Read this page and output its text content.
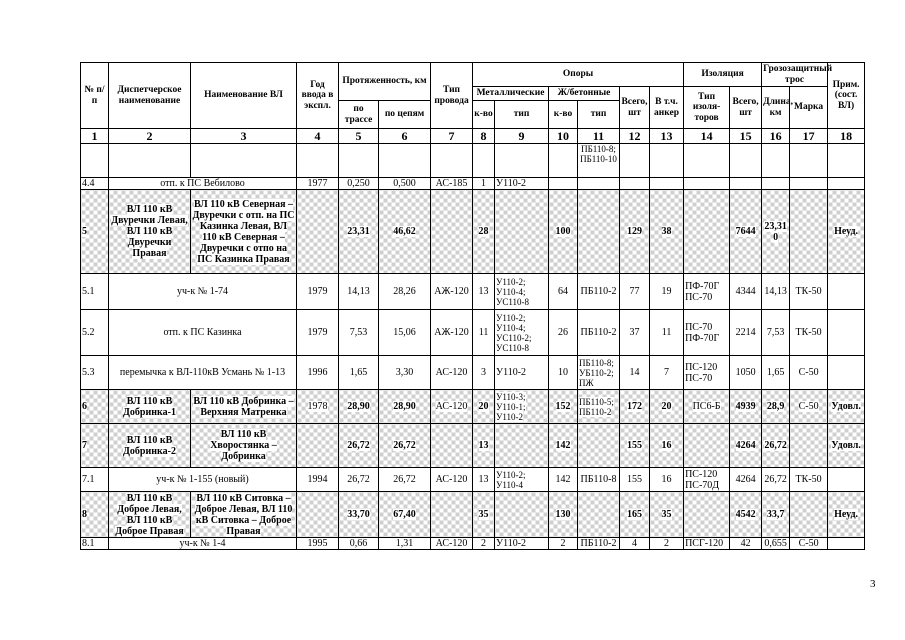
№ п/п	Диспетчерское наименование	Наименование ВЛ	Год ввода в экспл.	Протяженность, км		Тип провода	Опоры						Изоляция		Грозозащитный трос		Прим. (сост. ВЛ)
							Металлические		Ж/бетонные		Всего, шт	В т.ч. анкер	Тип изоля-торов	Всего, шт	Длина, км	Марка	
				по трассе	по цепям		к-во	тип	к-во	тип							
1	2	3	4	5	6	7	8	9	10	11	12	13	14	15	16	17	18
										ПБ110-8; ПБ110-10							
4.4	отп. к ПС Вебилово		1977	0,250	0,500	АС-185	1	У110-2									
5	ВЛ 110 кВ Двуречки Левая, ВЛ 110 кВ Двуречки Правая	ВЛ 110 кВ Северная – Двуречки с отп. на ПС Казинка Левая, ВЛ 110 кВ Северная – Двуречки с отпо на ПС Казинка Правая		23,31	46,62		28		100		129	38		7644	23,310		Неуд.
5.1	уч-к № 1-74		1979	14,13	28,26	АЖ-120	13	У110-2; У110-4; УС110-8	64	ПБ110-2	77	19	ПФ-70Г ПС-70	4344	14,13	ТК-50	
5.2	отп. к ПС Казинка		1979	7,53	15,06	АЖ-120	11	У110-2; У110-4; УС110-2; УС110-8	26	ПБ110-2	37	11	ПС-70 ПФ-70Г	2214	7,53	ТК-50	
5.3	перемычка к ВЛ-110кВ Усмань № 1-13		1996	1,65	3,30	АС-120	3	У110-2	10	ПБ110-8; УБ110-2; ПЖ	14	7	ПС-120 ПС-70	1050	1,65	С-50	
6	ВЛ 110 кВ Добринка-1	ВЛ 110 кВ Добринка – Верхняя Матренка	1978	28,90	28,90	АС-120	20	У110-3; У110-1; У110-2	152	ПБ110-5; ПБ110-2	172	20	ПС6-Б	4939	28,9	С-50	Удовл.
7	ВЛ 110 кВ Добринка-2	ВЛ 110 кВ Хворостянка – Добринка		26,72	26,72		13		142		155	16		4264	26,72		Удовл.
7.1	уч-к № 1-155 (новый)		1994	26,72	26,72	АС-120	13	У110-2; У110-4	142	ПБ110-8	155	16	ПС-120 ПС-70Д	4264	26,72	ТК-50	
8	ВЛ 110 кВ Доброе Левая, ВЛ 110 кВ Доброе Правая	ВЛ 110 кВ Ситовка – Доброе Левая, ВЛ 110 кВ Ситовка – Доброе Правая		33,70	67,40		35		130		165	35		4542	33,7		Неуд.
8.1	уч-к № 1-4		1995	0,66	1,31	АС-120	2	У110-2	2	ПБ110-2	4	2	ПСГ-120	42	0,655	С-50	
3
